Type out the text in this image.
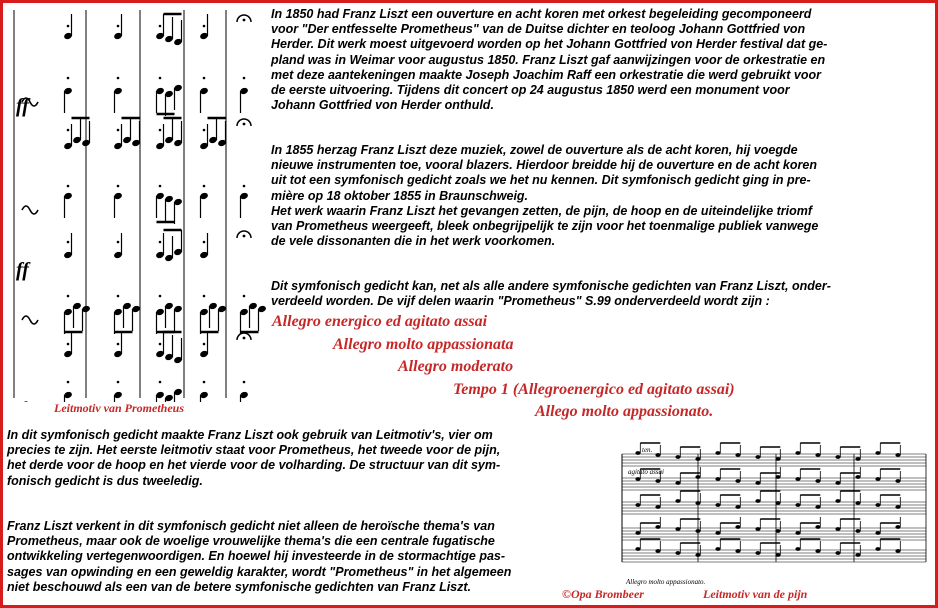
ff
ff
In 1850 had Franz Liszt een ouverture en acht koren met orkest begeleiding gecomponeerd
voor "Der entfesselte Prometheus" van de Duitse dichter en teoloog Johann Gottfried von
Herder. Dit werk moest uitgevoerd worden op het Johann Gottfried von Herder festival dat ge-
pland was in Weimar voor augustus 1850. Franz Liszt gaf aanwijzingen voor de orkestratie en
met deze aantekeningen maakte Joseph Joachim Raff een orkestratie die werd gebruikt voor
de eerste uitvoering. Tijdens dit concert op 24 augustus 1850 werd een monument voor
Johann Gottfried von Herder onthuld.
In 1855 herzag Franz Liszt deze muziek, zowel de ouverture als de acht koren, hij voegde
nieuwe instrumenten toe, vooral blazers. Hierdoor breidde hij de ouverture en de acht koren
uit tot een symfonisch gedicht zoals we het nu kennen. Dit symfonisch gedicht ging in pre-
mière op 18 oktober 1855 in Braunschweig.
Het werk waarin Franz Liszt het gevangen zetten, de pijn, de hoop en de uiteindelijke triomf
van Prometheus weergeeft, bleek onbegrijpelijk te zijn voor het toenmalige publiek vanwege
de vele dissonanten die in het werk voorkomen.
Dit symfonisch gedicht kan, net als alle andere symfonische gedichten van Franz Liszt, onder-
verdeeld worden. De vijf delen waarin "Prometheus" S.99 onderverdeeld wordt zijn :
Allegro energico ed agitato assai
Allegro molto appassionata
Allegro moderato
Tempo 1 (Allegroenergico ed agitato assai)
Allego molto appassionato.
Leitmotiv van Prometheus
In dit symfonisch gedicht maakte Franz Liszt ook gebruik van Leitmotiv's, vier om
precies te zijn. Het eerste leitmotiv staat voor Prometheus, het tweede voor de pijn,
het derde voor de hoop en het vierde voor de volharding. De structuur van dit sym-
fonisch gedicht is dus tweeledig.
Franz Liszt verkent in dit symfonisch gedicht niet alleen de heroïsche thema's van
Prometheus, maar ook de woelige vrouwelijke thema's die een centrale fugatische
ontwikkeling vertegenwoordigen. En hoewel hij investeerde in de stormachtige pas-
sages van opwinding en een geweldig karakter, wordt "Prometheus" in het algemeen
niet beschouwd als een van de betere symfonische gedichten van Franz Liszt.
©Opa Brombeer	Leitmotiv van de pijn
ten.
agitato assai
Allegro molto appassionato.
